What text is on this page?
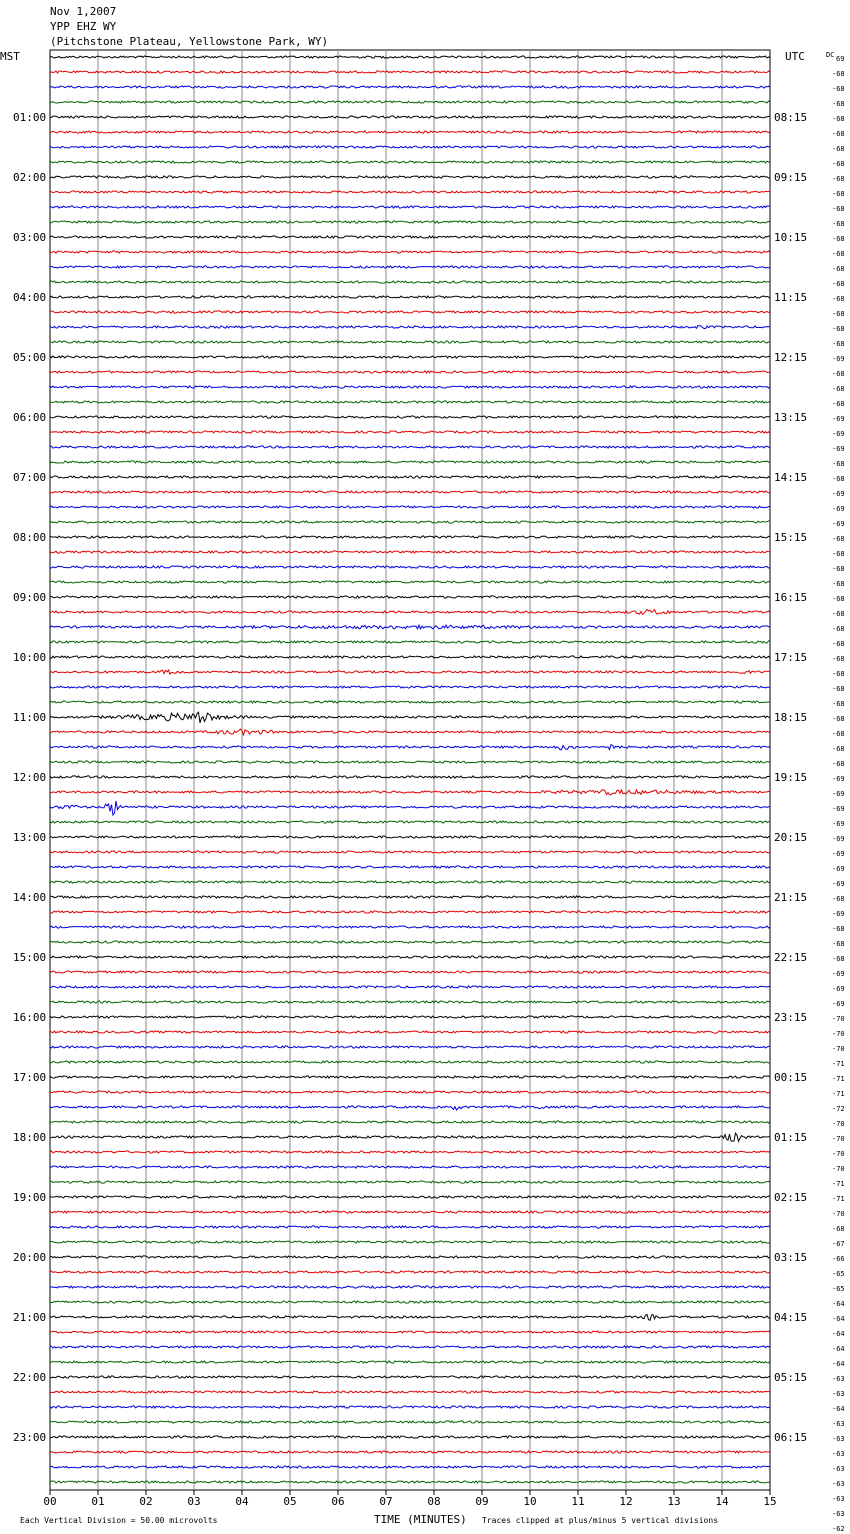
Nov 1,2007
YPP EHZ WY
(Pitchstone Plateau, Yellowstone Park, WY)
MST	UTC	DC
01:00
02:00
03:00
04:00
05:00
06:00
07:00
08:00
09:00
10:00
11:00
12:00
13:00
14:00
15:00
16:00
17:00
18:00
19:00
20:00
21:00
22:00
23:00
08:15
09:15
10:15
11:15
12:15
13:15
14:15
15:15
16:15
17:15
18:15
19:15
20:15
21:15
22:15
23:15
00:15
01:15
02:15
03:15
04:15
05:15
06:15
69
-68
-68
-68
-68
-68
-68
-68
-68
-68
-68
-68
-68
-68
-68
-68
-68
-68
-68
-68
-69
-68
-68
-68
-69
-69
-69
-68
-68
-69
-69
-69
-68
-68
-68
-68
-68
-68
-68
-68
-68
-68
-68
-68
-68
-68
-68
-68
-69
-69
-69
-69
-69
-69
-69
-69
-68
-69
-68
-68
-68
-69
-69
-69
-70
-70
-70
-71
-71
-71
-72
-70
-70
-70
-70
-71
-71
-70
-68
-67
-66
-65
-65
-64
-64
-64
-64
-64
-63
-63
-64
-63
-63
-63
-63
-63
-63
-63
-62
00	01	02	03	04	05	06	07	08	09	10	11	12	13	14	15
Each Vertical Division = 50.00 microvolts	TIME (MINUTES) Traces clipped at plus/minus 5 vertical divisions
